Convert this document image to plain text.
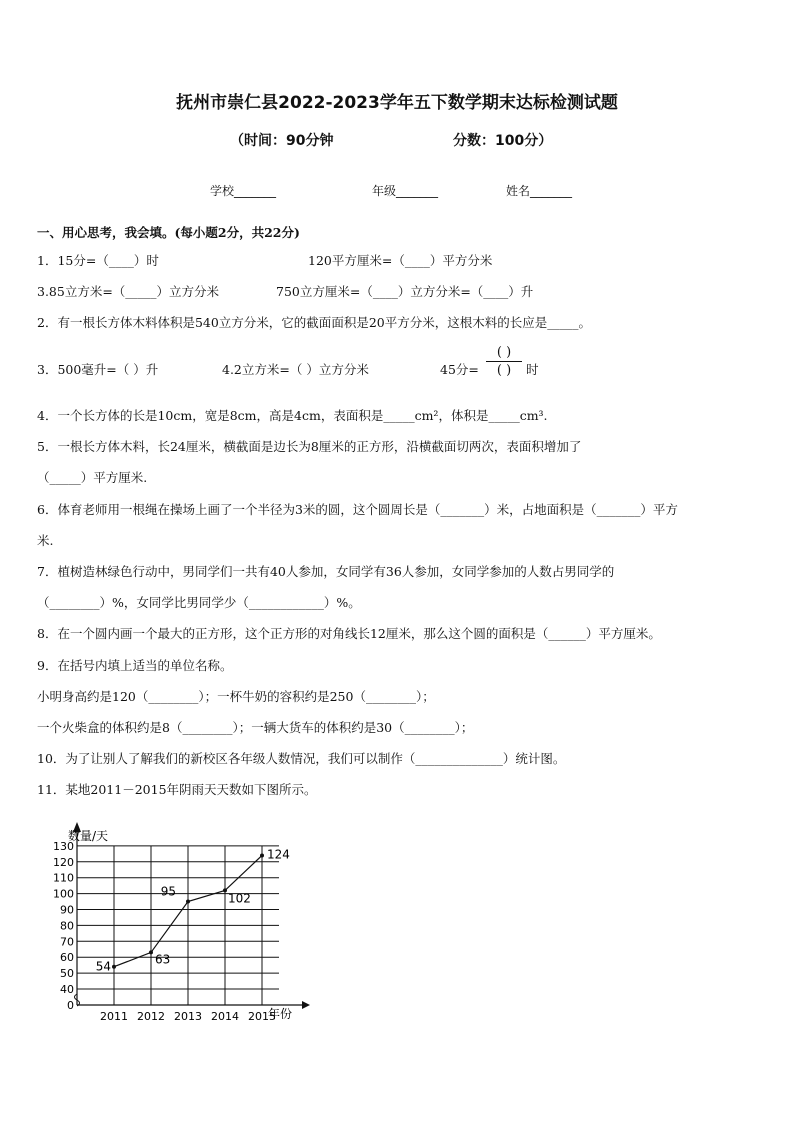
抚州市崇仁县2022-2023学年五下数学期末达标检测试题
（时间：90分钟	分数：100分）
学校_______	年级_______	姓名_______
一、用心思考，我会填。(每小题2分，共22分)
1．15分=（____）时	120平方厘米=（____）平方分米
3.85立方米=（_____）立方分米	750立方厘米=（____）立方分米=（____）升
2．有一根长方体木料体积是540立方分米，它的截面面积是20平方分米，这根木料的长应是_____。
3．500毫升=（ ）升	4.2立方米=（ ）立方分米	45分=
( )
( )	时
4．一个长方体的长是10cm，宽是8cm，高是4cm，表面积是_____cm²，体积是_____cm³.
5．一根长方体木料，长24厘米，横截面是边长为8厘米的正方形，沿横截面切两次，表面积增加了
（_____）平方厘米.
6．体育老师用一根绳在操场上画了一个半径为3米的圆，这个圆周长是（_______）米，占地面积是（_______）平方
米.
7．植树造林绿色行动中，男同学们一共有40人参加，女同学有36人参加，女同学参加的人数占男同学的
（________）%，女同学比男同学少（____________）%。
8．在一个圆内画一个最大的正方形，这个正方形的对角线长12厘米，那么这个圆的面积是（______）平方厘米。
9．在括号内填上适当的单位名称。
小明身高约是120（________）；一杯牛奶的容积约是250（________）；
一个火柴盒的体积约是8（________）；一辆大货车的体积约是30（________）；
10．为了让别人了解我们的新校区各年级人数情况，我们可以制作（______________）统计图。
11．某地2011－2015年阴雨天天数如下图所示。
0
40
50
60
70
80
90
100
110
120
130
2011 2012 2013 2014 2015
54
63
95	102
124
数量/天
年份
